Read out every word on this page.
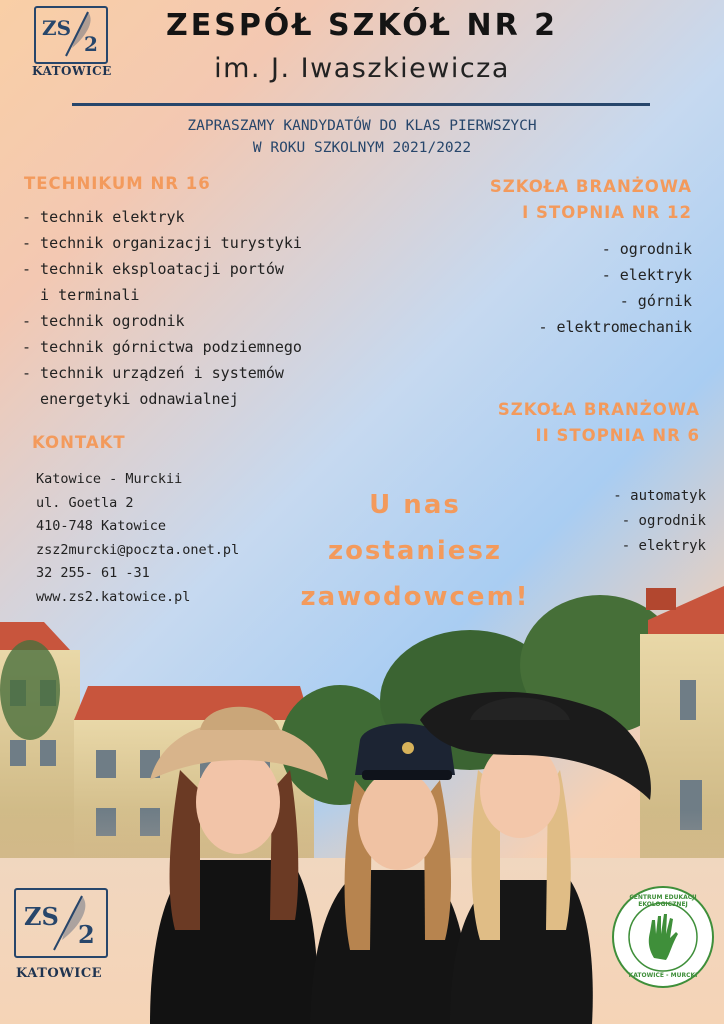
ZS
2
KATOWICE
ZESPÓŁ SZKÓŁ NR 2
im. J. Iwaszkiewicza
ZAPRASZAMY KANDYDATÓW DO KLAS PIERWSZYCH
W ROKU SZKOLNYM 2021/2022
TECHNIKUM NR 16
- technik elektryk
- technik organizacji turystyki
- technik eksploatacji portów
i terminali
- technik ogrodnik
- technik górnictwa podziemnego
- technik urządzeń i systemów
energetyki odnawialnej
SZKOŁA BRANŻOWA
I STOPNIA NR 12
- ogrodnik
- elektryk
- górnik
- elektromechanik
SZKOŁA BRANŻOWA
II STOPNIA NR 6
- automatyk
- ogrodnik
- elektryk
KONTAKT
Katowice - Murckii
ul. Goetla 2
410-748 Katowice
zsz2murcki@poczta.onet.pl
32 255- 61 -31
www.zs2.katowice.pl
U nas
zostaniesz
zawodowcem!
ZS
2
KATOWICE
CENTRUM EDUKACJI EKOLOGICZNEJ
KATOWICE - MURCKI
